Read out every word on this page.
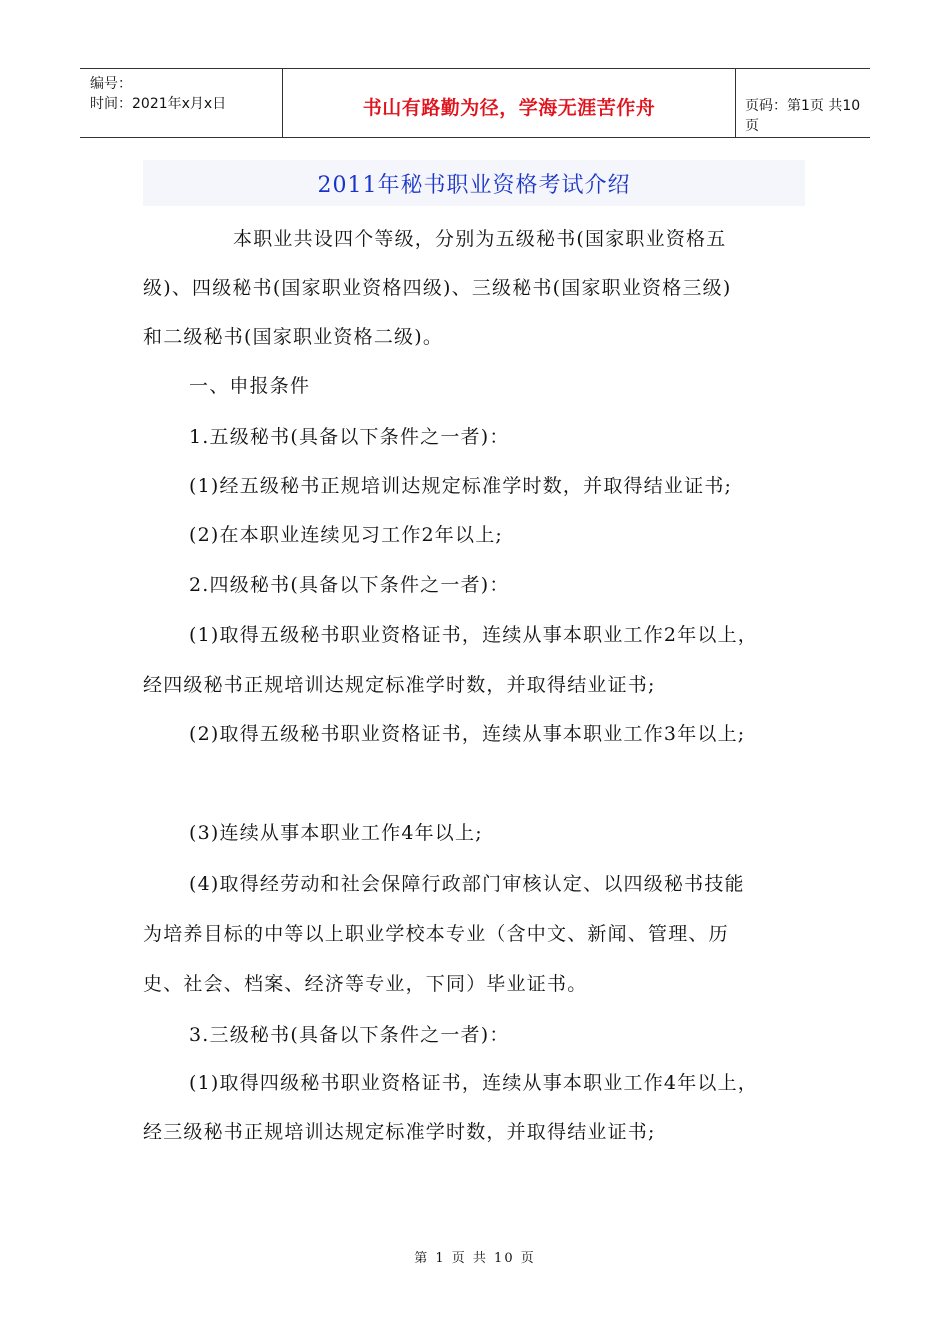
编号：
时间：2021年x月x日	书山有路勤为径，学海无涯苦作舟	页码：第1页 共10页
2011年秘书职业资格考试介绍
本职业共设四个等级，分别为五级秘书(国家职业资格五
级)、四级秘书(国家职业资格四级)、三级秘书(国家职业资格三级)
和二级秘书(国家职业资格二级)。
一、申报条件
1.五级秘书(具备以下条件之一者)：
(1)经五级秘书正规培训达规定标准学时数，并取得结业证书;
(2)在本职业连续见习工作2年以上;
2.四级秘书(具备以下条件之一者)：
(1)取得五级秘书职业资格证书，连续从事本职业工作2年以上，
经四级秘书正规培训达规定标准学时数，并取得结业证书;
(2)取得五级秘书职业资格证书，连续从事本职业工作3年以上;
(3)连续从事本职业工作4年以上;
(4)取得经劳动和社会保障行政部门审核认定、以四级秘书技能
为培养目标的中等以上职业学校本专业（含中文、新闻、管理、历
史、社会、档案、经济等专业，下同）毕业证书。
3.三级秘书(具备以下条件之一者)：
(1)取得四级秘书职业资格证书，连续从事本职业工作4年以上，
经三级秘书正规培训达规定标准学时数，并取得结业证书;
第 1 页 共 10 页
